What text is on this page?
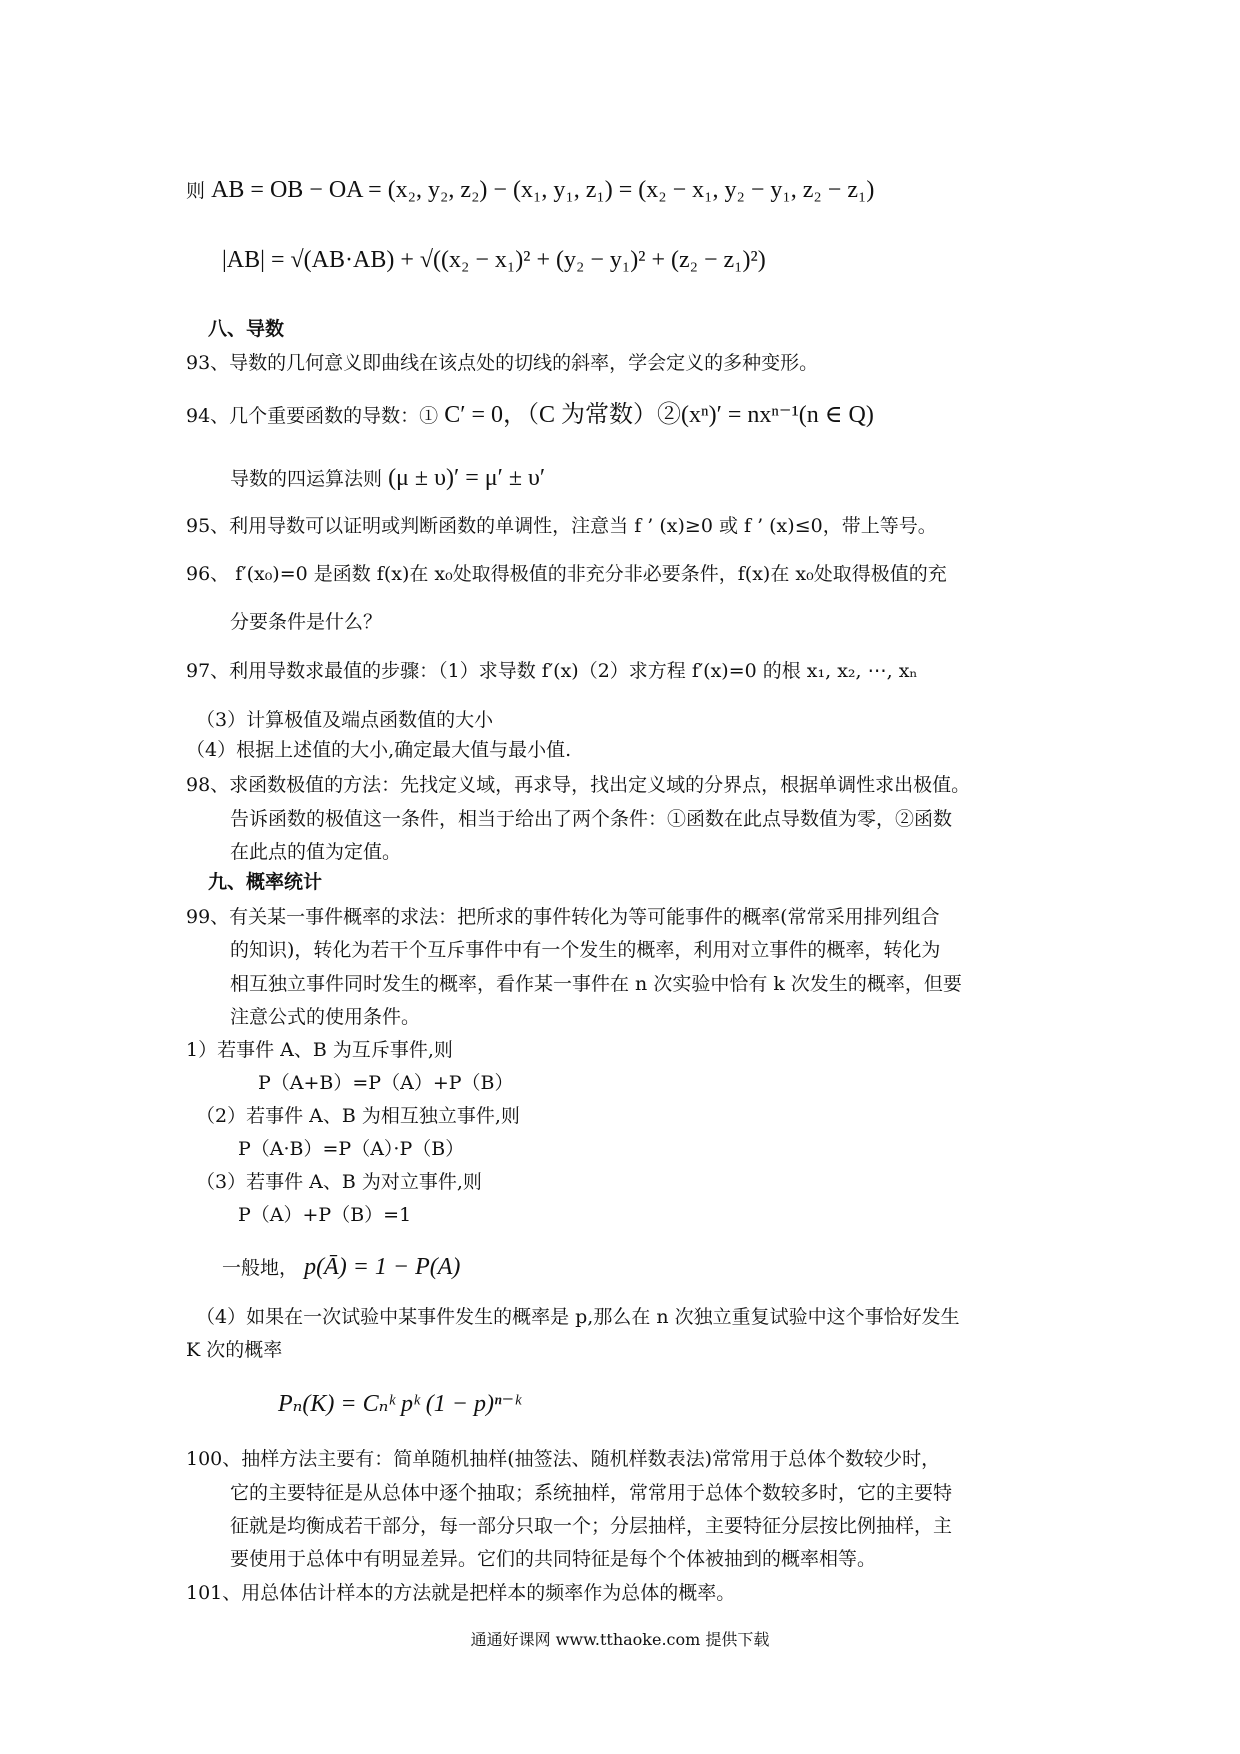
则 AB = OB − OA = (x₂, y₂, z₂) − (x₁, y₁, z₁) = (x₂ − x₁, y₂ − y₁, z₂ − z₁)
|AB| = √(AB·AB) + √((x₂ − x₁)² + (y₂ − y₁)² + (z₂ − z₁)²)
八、导数
93、导数的几何意义即曲线在该点处的切线的斜率，学会定义的多种变形。
94、几个重要函数的导数：① C′ = 0，（C 为常数）②(xⁿ)′ = nxⁿ⁻¹(n ∈ Q)
导数的四运算法则 (μ ± υ)′ = μ′ ± υ′
95、利用导数可以证明或判断函数的单调性，注意当 f ’ (x)≥0 或 f ’ (x)≤0，带上等号。
96、 f′(x₀)=0 是函数 f(x)在 x₀处取得极值的非充分非必要条件，f(x)在 x₀处取得极值的充
分要条件是什么？
97、利用导数求最值的步骤：（1）求导数 f′(x)（2）求方程 f′(x)=0 的根 x₁, x₂, ⋯, xₙ
（3）计算极值及端点函数值的大小
（4）根据上述值的大小,确定最大值与最小值.
98、求函数极值的方法：先找定义域，再求导，找出定义域的分界点，根据单调性求出极值。
告诉函数的极值这一条件，相当于给出了两个条件：①函数在此点导数值为零，②函数
在此点的值为定值。
九、概率统计
99、有关某一事件概率的求法：把所求的事件转化为等可能事件的概率(常常采用排列组合
的知识)，转化为若干个互斥事件中有一个发生的概率，利用对立事件的概率，转化为
相互独立事件同时发生的概率，看作某一事件在 n 次实验中恰有 k 次发生的概率，但要
注意公式的使用条件。
1）若事件 A、B 为互斥事件,则
P（A+B）=P（A）+P（B）
（2）若事件 A、B 为相互独立事件,则
P（A·B）=P（A）·P（B）
（3）若事件 A、B 为对立事件,则
P（A）+P（B）=1
一般地， p(Ā) = 1 − P(A)
（4）如果在一次试验中某事件发生的概率是 p,那么在 n 次独立重复试验中这个事恰好发生
K 次的概率
Pₙ(K) = Cₙᵏ pᵏ (1 − p)ⁿ⁻ᵏ
100、抽样方法主要有：简单随机抽样(抽签法、随机样数表法)常常用于总体个数较少时，
它的主要特征是从总体中逐个抽取；系统抽样，常常用于总体个数较多时，它的主要特
征就是均衡成若干部分，每一部分只取一个；分层抽样，主要特征分层按比例抽样，主
要使用于总体中有明显差异。它们的共同特征是每个个体被抽到的概率相等。
101、用总体估计样本的方法就是把样本的频率作为总体的概率。
通通好课网 www.tthaoke.com 提供下载
